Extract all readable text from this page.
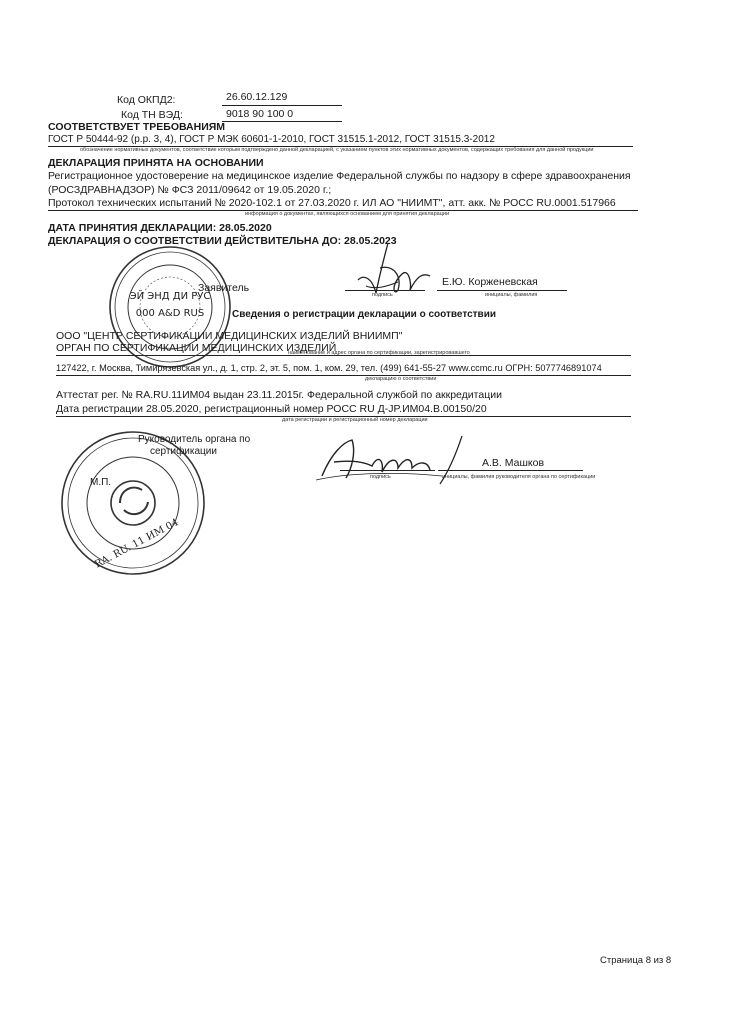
Код ОКПД2:	26.60.12.129
Код ТН ВЭД:	9018 90 100 0
СООТВЕТСТВУЕТ ТРЕБОВАНИЯМ
ГОСТ Р 50444-92 (р.р. 3, 4), ГОСТ Р МЭК 60601-1-2010, ГОСТ 31515.1-2012, ГОСТ 31515.3-2012
обозначение нормативных документов, соответствие которым подтверждено данной декларацией, с указанием пунктов этих нормативных документов, содержащих требования для данной продукции
ДЕКЛАРАЦИЯ ПРИНЯТА НА ОСНОВАНИИ
Регистрационное удостоверение на медицинское изделие Федеральной службы по надзору в сфере здравоохранения
(РОСЗДРАВНАДЗОР) № ФСЗ 2011/09642 от 19.05.2020 г.;
Протокол технических испытаний № 2020-102.1 от 27.03.2020 г. ИЛ АО "НИИМТ", атт. акк. № РОСС RU.0001.517966
информация о документах, являющихся основанием для принятия декларации
ДАТА ПРИНЯТИЯ ДЕКЛАРАЦИИ: 28.05.2020
ДЕКЛАРАЦИЯ О СООТВЕТСТВИИ ДЕЙСТВИТЕЛЬНА ДО: 28.05.2023
ЭЙ ЭНД ДИ РУС
000 A&D RUS
Заявитель
подпись
Е.Ю. Корженевская
инициалы, фамилия
Сведения о регистрации декларации о соответствии
ООО "ЦЕНТР СЕРТИФИКАЦИИ МЕДИЦИНСКИХ ИЗДЕЛИЙ ВНИИМП"
ОРГАН ПО СЕРТИФИКАЦИИ МЕДИЦИНСКИХ ИЗДЕЛИЙ
наименование и адрес органа по сертификации, зарегистрировавшего
127422, г. Москва, Тимирязевская ул., д. 1, стр. 2, эт. 5, пом. 1, ком. 29, тел. (499) 641-55-27 www.ccmc.ru ОГРН: 5077746891074
декларацию о соответствии
Аттестат рег. № RA.RU.11ИМ04 выдан 23.11.2015г. Федеральной службой по аккредитации
Дата регистрации 28.05.2020, регистрационный номер РОСС RU Д-JP.ИМ04.В.00150/20
дата регистрации и регистрационный номер декларации
RA. RU. 11 ИМ 04
Руководитель органа по
сертификации
М.П.	подпись
А.В. Машков
инициалы, фамилия руководителя органа по сертификации
Страница 8 из 8
